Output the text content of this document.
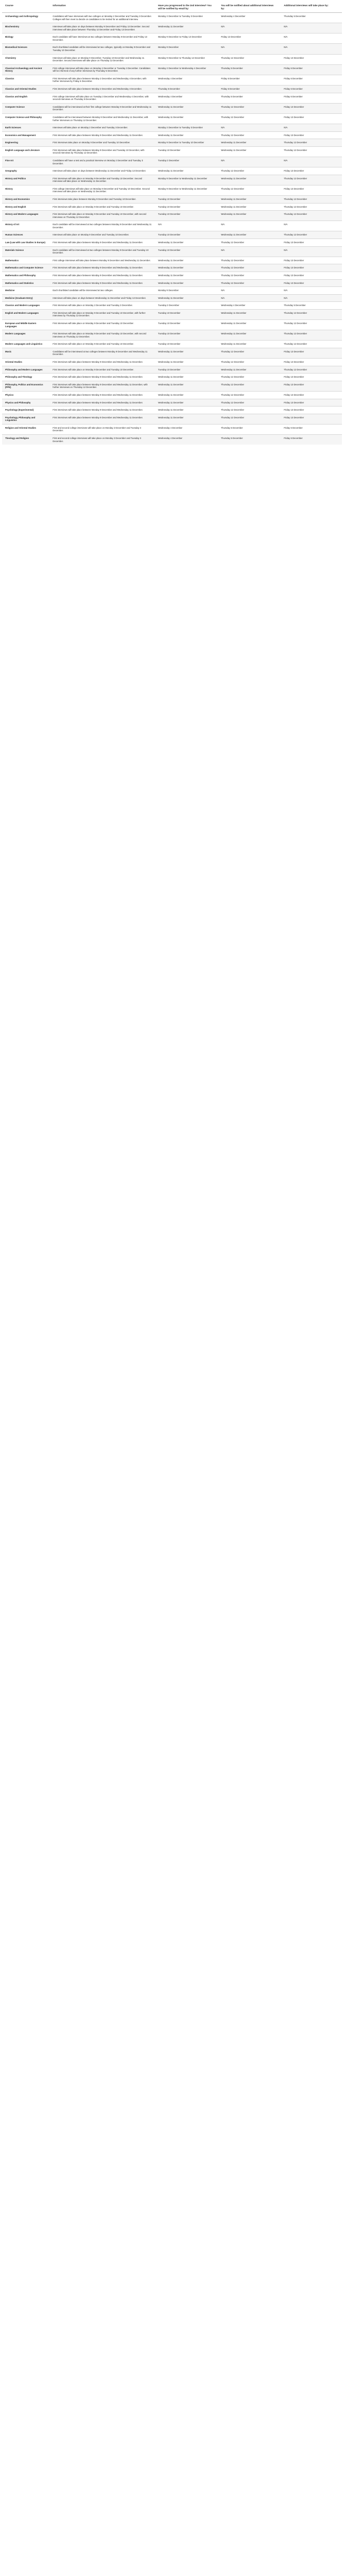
Course	Information	Have you progressed to the 2nd Interview? You will be notified by email by:	You will be notified about additional interviews by:	Additional interviews will take place by:
Archaeology and Anthropology	Candidates will have interviews with two colleges on Monday 2 December and Tuesday 3 December. Colleges will then meet to decide on candidates to be invited for an additional interview.	Monday 2 December to Tuesday 3 December	Wednesday 4 December	Thursday 5 December
Biochemistry	Interviews will take place on days between Monday 9 December and Friday 13 December. Second interviews will take place between Thursday 12 December and Friday 13 December.	Wednesday 11 December	N/A	N/A
Biology	Each candidate will have interviews at two colleges between Monday 9 December and Friday 13 December.	Monday 9 December to Friday 13 December	Friday 13 December	N/A
Biomedical Sciences	Each shortlisted candidate will be interviewed at two colleges, typically on Monday 9 December and Tuesday 10 December.	Monday 9 December	N/A	N/A
Chemistry	Interviews will take place on Monday 9 December, Tuesday 10 December and Wednesday 11 December. Second interviews will take place on Thursday 12 December.	Monday 9 December to Thursday 12 December	Thursday 12 December	Friday 13 December
Classical Archaeology and Ancient History	First college interviews will take place on Monday 2 December or Tuesday 3 December. Candidates will be informed of any further interviews by Thursday 5 December.	Monday 2 December to Wednesday 4 December	Thursday 5 December	Friday 6 December
Classics	First interviews will take place between Monday 2 December and Wednesday 4 December, with further interviews by Friday 6 December.	Wednesday 4 December	Friday 6 December	Friday 6 December
Classics and Oriental Studies	First interviews will take place between Monday 2 December and Wednesday 4 December.	Thursday 5 December	Friday 6 December	Friday 6 December
Classics and English	First college interviews will take place on Tuesday 3 December and Wednesday 4 December, with second interviews on Thursday 5 December.	Wednesday 4 December	Thursday 5 December	Friday 6 December
Computer Science	Candidates will be interviewed at their first college between Monday 9 December and Wednesday 11 December.	Wednesday 11 December	Thursday 12 December	Friday 13 December
Computer Science and Philosophy	Candidates will be interviewed between Monday 9 December and Wednesday 11 December, with further interviews on Thursday 12 December.	Wednesday 11 December	Thursday 12 December	Friday 13 December
Earth Sciences	Interviews will take place on Monday 2 December and Tuesday 3 December.	Monday 2 December to Tuesday 3 December	N/A	N/A
Economics and Management	First interviews will take place between Monday 9 December and Wednesday 11 December.	Wednesday 11 December	Thursday 12 December	Friday 13 December
Engineering	First interviews take place on Monday 9 December and Tuesday 10 December.	Monday 9 December to Tuesday 10 December	Wednesday 11 December	Thursday 12 December
English Language and Literature	First interviews will take place between Monday 9 December and Tuesday 10 December, with second interviews by Thursday 12 December.	Tuesday 10 December	Wednesday 11 December	Thursday 12 December
Fine Art	Candidates will have a test and a practical interview on Monday 2 December and Tuesday 3 December.	Tuesday 3 December	N/A	N/A
Geography	Interviews will take place on days between Wednesday 11 December and Friday 13 December.	Wednesday 11 December	Thursday 12 December	Friday 13 December
History and Politics	First interviews will take place on Monday 9 December and Tuesday 10 December. Second interviews will take place on Wednesday 11 December.	Monday 9 December to Wednesday 11 December	Wednesday 11 December	Thursday 12 December
History	First college interviews will take place on Monday 9 December and Tuesday 10 December. Second interviews will take place on Wednesday 11 December.	Monday 9 December to Wednesday 11 December	Thursday 12 December	Friday 13 December
History and Economics	First interviews take place between Monday 9 December and Tuesday 10 December.	Tuesday 10 December	Wednesday 11 December	Thursday 12 December
History and English	First interviews will take place on Monday 9 December and Tuesday 10 December.	Tuesday 10 December	Wednesday 11 December	Thursday 12 December
History and Modern Languages	First interviews will take place on Monday 9 December and Tuesday 10 December, with second interviews on Thursday 12 December.	Tuesday 10 December	Wednesday 11 December	Thursday 12 December
History of Art	Each candidate will be interviewed at two colleges between Monday 9 December and Wednesday 11 December.	N/A	N/A	N/A
Human Sciences	Interviews will take place on Monday 9 December and Tuesday 10 December.	Tuesday 10 December	Wednesday 11 December	Thursday 12 December
Law (Law with Law Studies in Europe)	First interviews will take place between Monday 9 December and Wednesday 11 December.	Wednesday 11 December	Thursday 12 December	Friday 13 December
Materials Science	Each candidate will be interviewed at two colleges between Monday 9 December and Tuesday 10 December.	Tuesday 10 December	N/A	N/A
Mathematics	First college interviews will take place between Monday 9 December and Wednesday 11 December.	Wednesday 11 December	Thursday 12 December	Friday 13 December
Mathematics and Computer Science	First interviews will take place between Monday 9 December and Wednesday 11 December.	Wednesday 11 December	Thursday 12 December	Friday 13 December
Mathematics and Philosophy	First interviews will take place between Monday 9 December and Wednesday 11 December.	Wednesday 11 December	Thursday 12 December	Friday 13 December
Mathematics and Statistics	First interviews will take place between Monday 9 December and Wednesday 11 December.	Wednesday 11 December	Thursday 12 December	Friday 13 December
Medicine	Each shortlisted candidate will be interviewed at two colleges.	Monday 9 December	N/A	N/A
Medicine (Graduate Entry)	Interviews will take place on days between Wednesday 11 December and Friday 13 December.	Wednesday 11 December	N/A	N/A
Classics and Modern Languages	First interviews will take place on Monday 2 December and Tuesday 3 December.	Tuesday 3 December	Wednesday 4 December	Thursday 5 December
English and Modern Languages	First interviews will take place on Monday 9 December and Tuesday 10 December, with further interviews by Thursday 12 December.	Tuesday 10 December	Wednesday 11 December	Thursday 12 December
European and Middle Eastern Languages	First interviews will take place on Monday 9 December and Tuesday 10 December.	Tuesday 10 December	Wednesday 11 December	Thursday 12 December
Modern Languages	First interviews will take place on Monday 9 December and Tuesday 10 December, with second interviews on Thursday 12 December.	Tuesday 10 December	Wednesday 11 December	Thursday 12 December
Modern Languages and Linguistics	First interviews will take place on Monday 9 December and Tuesday 10 December.	Tuesday 10 December	Wednesday 11 December	Thursday 12 December
Music	Candidates will be interviewed at two colleges between Monday 9 December and Wednesday 11 December.	Wednesday 11 December	Thursday 12 December	Friday 13 December
Oriental Studies	First interviews will take place between Monday 9 December and Wednesday 11 December.	Wednesday 11 December	Thursday 12 December	Friday 13 December
Philosophy and Modern Languages	First interviews will take place on Monday 9 December and Tuesday 10 December.	Tuesday 10 December	Wednesday 11 December	Thursday 12 December
Philosophy and Theology	First interviews will take place between Monday 9 December and Wednesday 11 December.	Wednesday 11 December	Thursday 12 December	Friday 13 December
Philosophy, Politics and Economics (PPE)	First interviews will take place between Monday 9 December and Wednesday 11 December, with further interviews on Thursday 12 December.	Wednesday 11 December	Thursday 12 December	Friday 13 December
Physics	First interviews will take place between Monday 9 December and Wednesday 11 December.	Wednesday 11 December	Thursday 12 December	Friday 13 December
Physics and Philosophy	First interviews will take place between Monday 9 December and Wednesday 11 December.	Wednesday 11 December	Thursday 12 December	Friday 13 December
Psychology (Experimental)	First interviews will take place between Monday 9 December and Wednesday 11 December.	Wednesday 11 December	Thursday 12 December	Friday 13 December
Psychology, Philosophy and Linguistics	First interviews will take place between Monday 9 December and Wednesday 11 December.	Wednesday 11 December	Thursday 12 December	Friday 13 December
Religion and Oriental Studies	First and second college interviews will take place on Monday 2 December and Tuesday 3 December.	Wednesday 4 December	Thursday 5 December	Friday 6 December
Theology and Religion	First and second college interviews will take place on Monday 2 December and Tuesday 3 December.	Wednesday 4 December	Thursday 5 December	Friday 6 December
